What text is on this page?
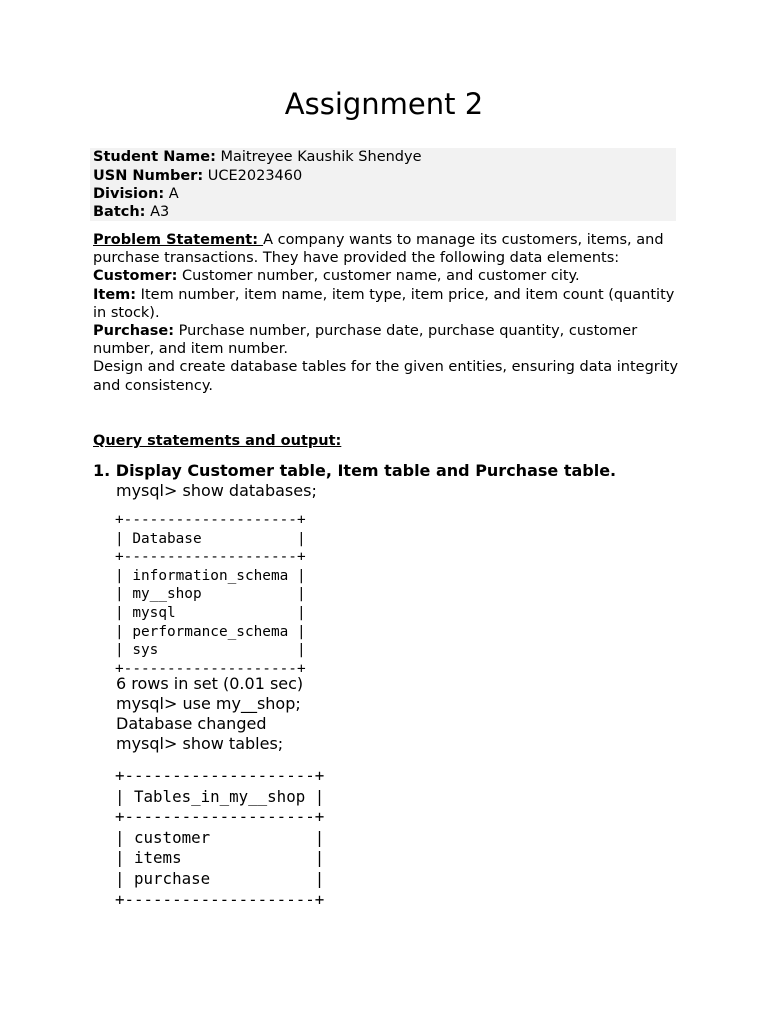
Assignment 2
Student Name: Maitreyee Kaushik Shendye
USN Number: UCE2023460
Division: A
Batch: A3

Problem Statement: A company wants to manage its customers, items, and purchase transactions. They have provided the following data elements:

Customer: Customer number, customer name, and customer city.

Item: Item number, item name, item type, item price, and item count (quantity in stock).

Purchase: Purchase number, purchase date, purchase quantity, customer number, and item number.

Design and create database tables for the given entities, ensuring data integrity and consistency.

Query statements and output:
1. Display Customer table, Item table and Purchase table.
mysql> show databases;
+--------------------+
| Database           |
+--------------------+
| information_schema |
| my__shop           |
| mysql              |
| performance_schema |
| sys                |
+--------------------+
6 rows in set (0.01 sec)
mysql> use my__shop;
Database changed
mysql> show tables;
+--------------------+
| Tables_in_my__shop |
+--------------------+
| customer           |
| items              |
| purchase           |
+--------------------+
